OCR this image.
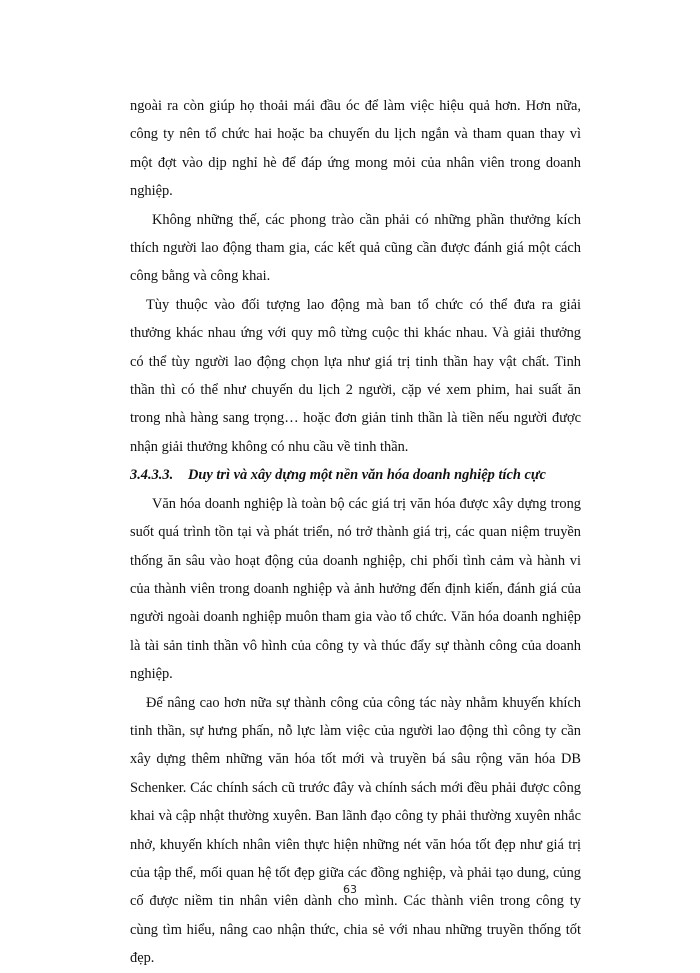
ngoài ra còn giúp họ thoải mái đầu óc để làm việc hiệu quả hơn. Hơn nữa, công ty nên tổ chức hai hoặc ba chuyến du lịch ngắn và tham quan thay vì một đợt vào dịp nghỉ hè để đáp ứng mong mỏi của nhân viên trong doanh nghiệp.

Không những thế, các phong trào cần phải có những phần thưởng kích thích người lao động tham gia, các kết quả cũng cần được đánh giá một cách công bằng và công khai.

Tùy thuộc vào đối tượng lao động mà ban tổ chức có thể đưa ra giải thưởng khác nhau ứng với quy mô từng cuộc thi khác nhau. Và giải thưởng có thể tùy người lao động chọn lựa như giá trị tinh thần hay vật chất. Tinh thần thì có thể như chuyến du lịch 2 người, cặp vé xem phim, hai suất ăn trong nhà hàng sang trọng… hoặc đơn giản tinh thần là tiền nếu người được nhận giải thưởng không có nhu cầu về tinh thần.

3.4.3.3. Duy trì và xây dựng một nền văn hóa doanh nghiệp tích cực

Văn hóa doanh nghiệp là toàn bộ các giá trị văn hóa được xây dựng trong suốt quá trình tồn tại và phát triển, nó trở thành giá trị, các quan niệm truyền thống ăn sâu vào hoạt động của doanh nghiệp, chi phối tình cảm và hành vi của thành viên trong doanh nghiệp và ảnh hưởng đến định kiến, đánh giá của người ngoài doanh nghiệp muôn tham gia vào tổ chức. Văn hóa doanh nghiệp là tài sản tinh thần vô hình của công ty và thúc đẩy sự thành công của doanh nghiệp.

Để nâng cao hơn nữa sự thành công của công tác này nhằm khuyến khích tinh thần, sự hưng phấn, nỗ lực làm việc của người lao động thì công ty cần xây dựng thêm những văn hóa tốt mới và truyền bá sâu rộng văn hóa DB Schenker. Các chính sách cũ trước đây và chính sách mới đều phải được công khai và cập nhật thường xuyên. Ban lãnh đạo công ty phải thường xuyên nhắc nhở, khuyến khích nhân viên thực hiện những nét văn hóa tốt đẹp như giá trị của tập thể, mối quan hệ tốt đẹp giữa các đồng nghiệp, và phải tạo dung, củng cố được niềm tin nhân viên dành cho mình. Các thành viên trong công ty cùng tìm hiểu, nâng cao nhận thức, chia sẻ với nhau những truyền thống tốt đẹp.

63
